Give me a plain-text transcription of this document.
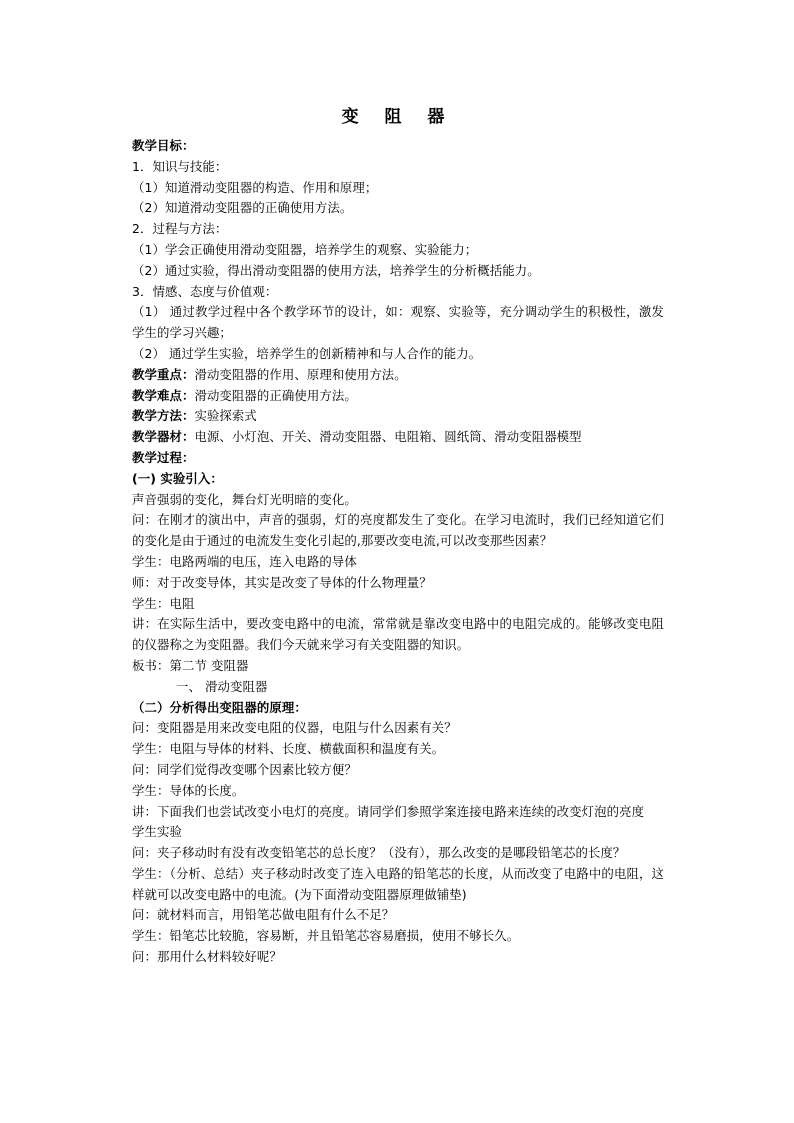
变 阻 器
教学目标：
1．知识与技能：
（1）知道滑动变阻器的构造、作用和原理；
（2）知道滑动变阻器的正确使用方法。
2．过程与方法：
（1）学会正确使用滑动变阻器，培养学生的观察、实验能力；
（2）通过实验，得出滑动变阻器的使用方法，培养学生的分析概括能力。
3．情感、态度与价值观：
（1） 通过教学过程中各个教学环节的设计，如：观察、实验等，充分调动学生的积极性，激发学生的学习兴趣；
（2） 通过学生实验，培养学生的创新精神和与人合作的能力。
教学重点：滑动变阻器的作用、原理和使用方法。
教学难点：滑动变阻器的正确使用方法。
教学方法：实验探索式
教学器材：电源、小灯泡、开关、滑动变阻器、电阻箱、圆纸筒、滑动变阻器模型
教学过程：
(一) 实验引入：
声音强弱的变化，舞台灯光明暗的变化。
问：在刚才的演出中，声音的强弱，灯的亮度都发生了变化。在学习电流时，我们已经知道它们的变化是由于通过的电流发生变化引起的,那要改变电流,可以改变那些因素？
学生：电路两端的电压，连入电路的导体
师：对于改变导体，其实是改变了导体的什么物理量？
学生：电阻
讲：在实际生活中，要改变电路中的电流，常常就是靠改变电路中的电阻完成的。能够改变电阻的仪器称之为变阻器。我们今天就来学习有关变阻器的知识。
板书：第二节 变阻器
一、 滑动变阻器
（二）分析得出变阻器的原理：
问：变阻器是用来改变电阻的仪器，电阻与什么因素有关？
学生：电阻与导体的材料、长度、横截面积和温度有关。
问：同学们觉得改变哪个因素比较方便？
学生：导体的长度。
讲：下面我们也尝试改变小电灯的亮度。请同学们参照学案连接电路来连续的改变灯泡的亮度
学生实验
问：夹子移动时有没有改变铅笔芯的总长度？（没有），那么改变的是哪段铅笔芯的长度？
学生：（分析、总结）夹子移动时改变了连入电路的铅笔芯的长度，从而改变了电路中的电阻，这样就可以改变电路中的电流。(为下面滑动变阻器原理做铺垫)
问：就材料而言，用铅笔芯做电阻有什么不足？
学生：铅笔芯比较脆，容易断，并且铅笔芯容易磨损，使用不够长久。
问：那用什么材料较好呢？
